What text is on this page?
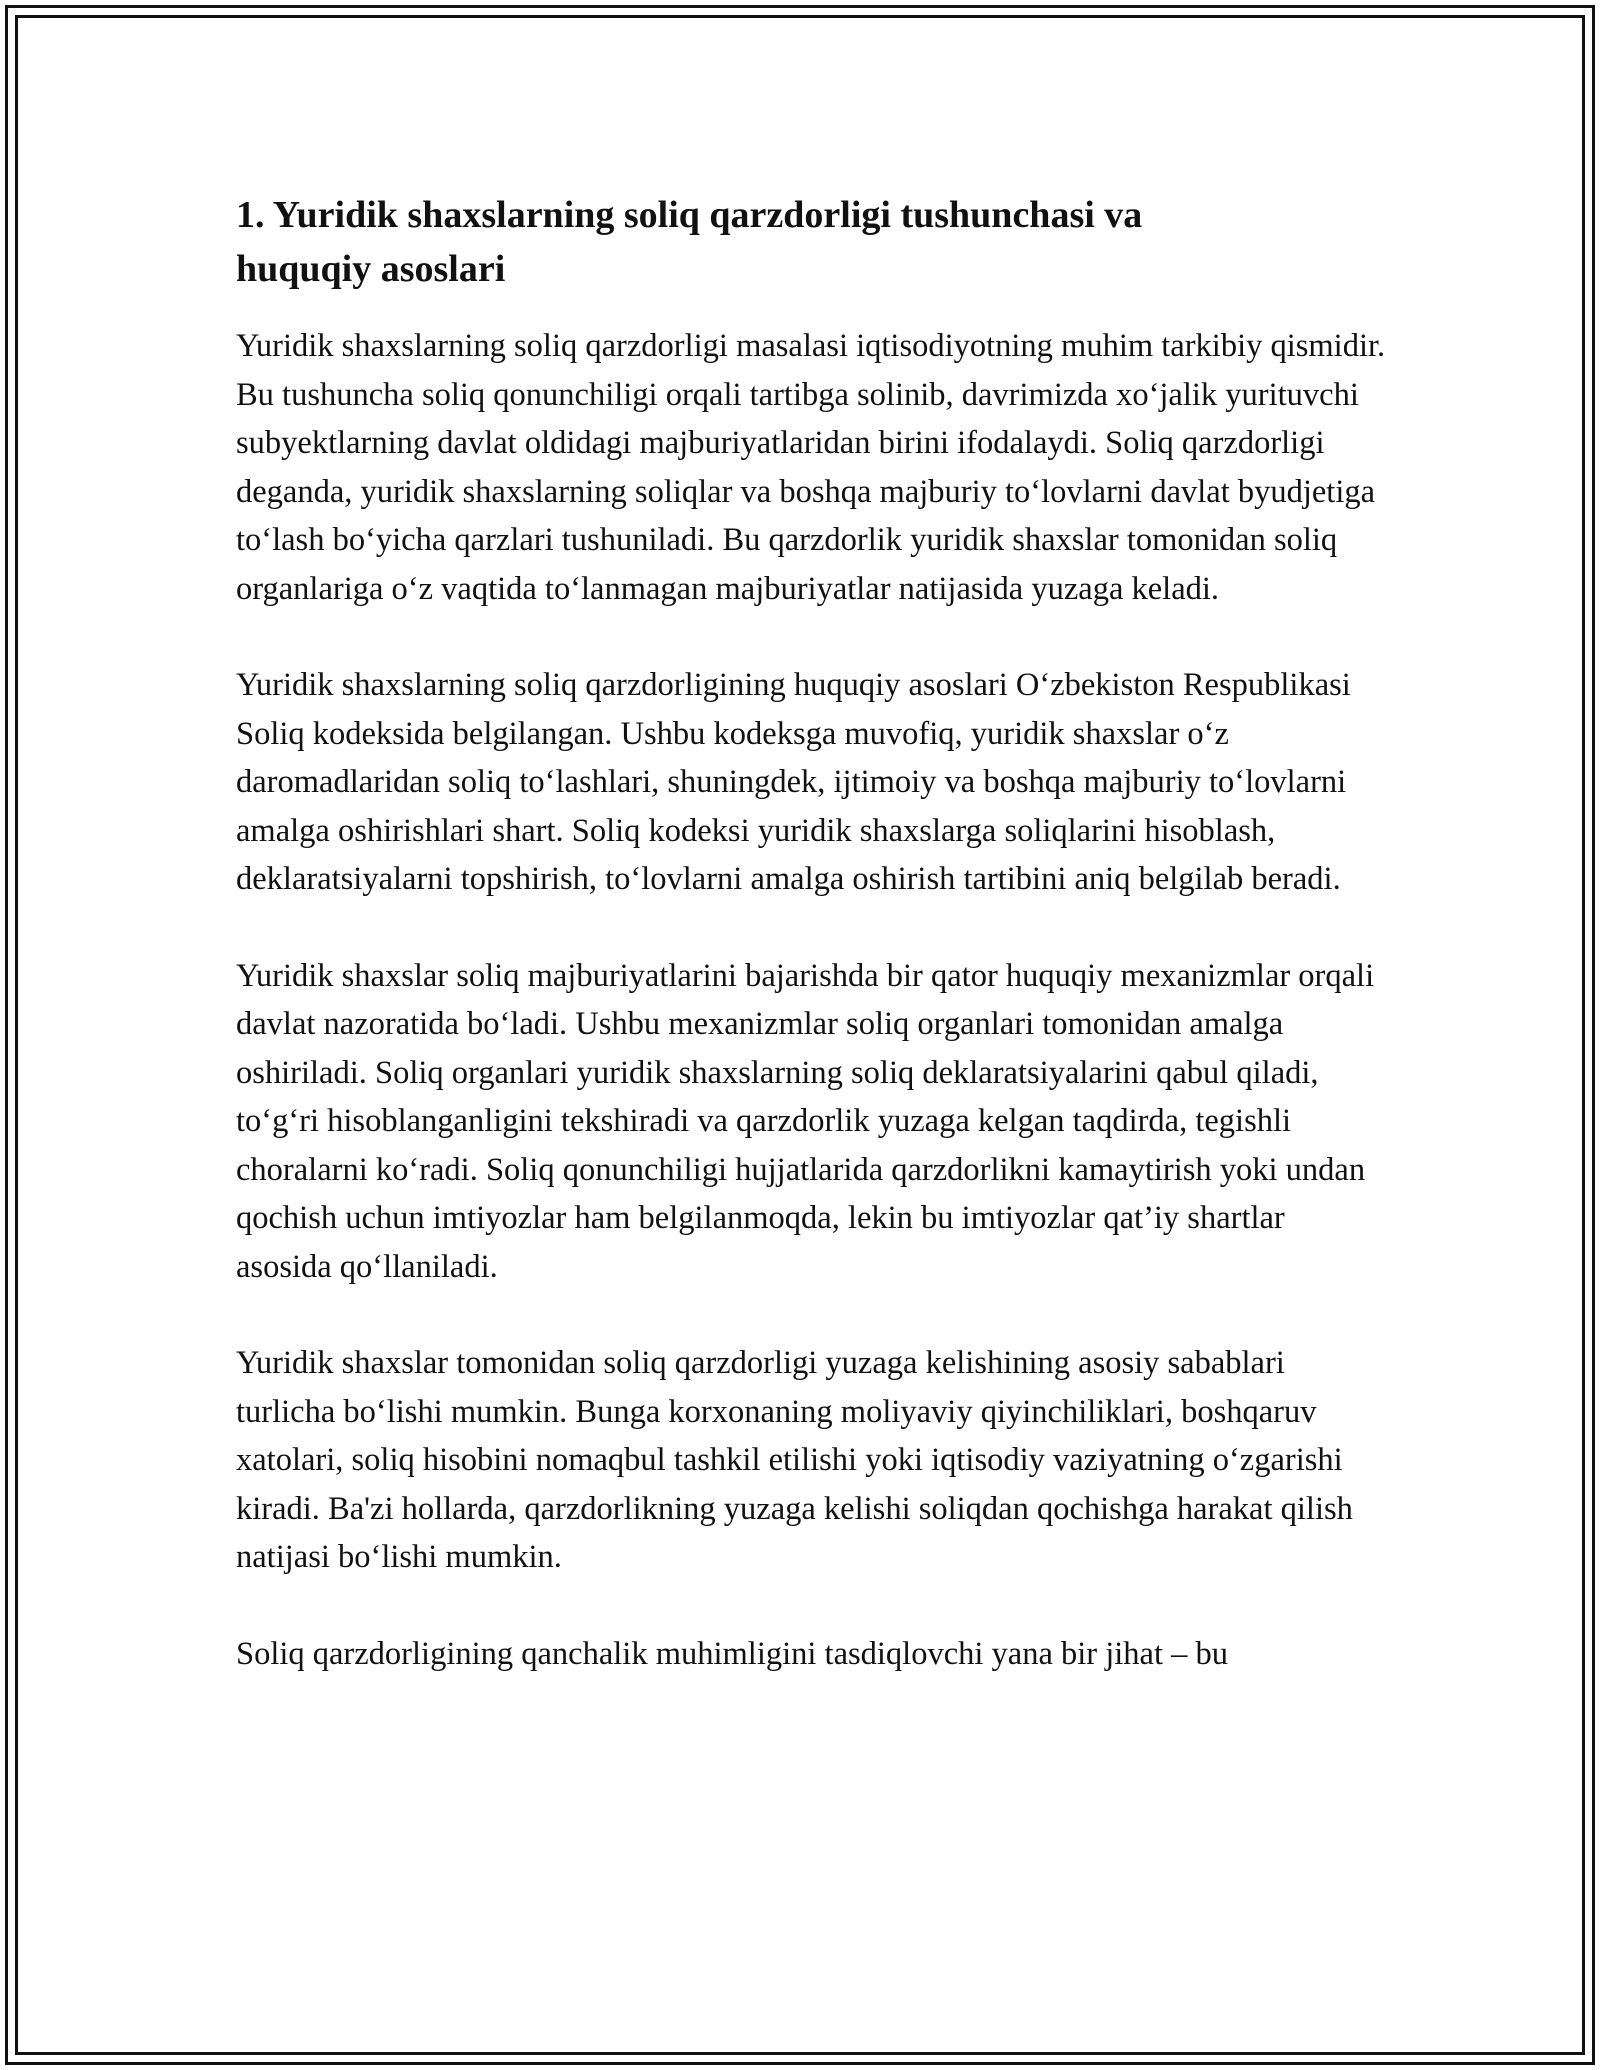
1. Yuridik shaxslarning soliq qarzdorligi tushunchasi va huquqiy asoslari

Yuridik shaxslarning soliq qarzdorligi masalasi iqtisodiyotning muhim tarkibiy qismidir. Bu tushuncha soliq qonunchiligi orqali tartibga solinib, davrimizda xo‘jalik yurituvchi subyektlarning davlat oldidagi majburiyatlaridan birini ifodalaydi. Soliq qarzdorligi deganda, yuridik shaxslarning soliqlar va boshqa majburiy to‘lovlarni davlat byudjetiga to‘lash bo‘yicha qarzlari tushuniladi. Bu qarzdorlik yuridik shaxslar tomonidan soliq organlariga o‘z vaqtida to‘lanmagan majburiyatlar natijasida yuzaga keladi.

Yuridik shaxslarning soliq qarzdorligining huquqiy asoslari O‘zbekiston Respublikasi Soliq kodeksida belgilangan. Ushbu kodeksga muvofiq, yuridik shaxslar o‘z daromadlaridan soliq to‘lashlari, shuningdek, ijtimoiy va boshqa majburiy to‘lovlarni amalga oshirishlari shart. Soliq kodeksi yuridik shaxslarga soliqlarini hisoblash, deklaratsiyalarni topshirish, to‘lovlarni amalga oshirish tartibini aniq belgilab beradi.

Yuridik shaxslar soliq majburiyatlarini bajarishda bir qator huquqiy mexanizmlar orqali davlat nazoratida bo‘ladi. Ushbu mexanizmlar soliq organlari tomonidan amalga oshiriladi. Soliq organlari yuridik shaxslarning soliq deklaratsiyalarini qabul qiladi, to‘g‘ri hisoblanganligini tekshiradi va qarzdorlik yuzaga kelgan taqdirda, tegishli choralarni ko‘radi. Soliq qonunchiligi hujjatlarida qarzdorlikni kamaytirish yoki undan qochish uchun imtiyozlar ham belgilanmoqda, lekin bu imtiyozlar qat’iy shartlar asosida qo‘llaniladi.

Yuridik shaxslar tomonidan soliq qarzdorligi yuzaga kelishining asosiy sabablari turlicha bo‘lishi mumkin. Bunga korxonaning moliyaviy qiyinchiliklari, boshqaruv xatolari, soliq hisobini nomaqbul tashkil etilishi yoki iqtisodiy vaziyatning o‘zgarishi kiradi. Ba'zi hollarda, qarzdorlikning yuzaga kelishi soliqdan qochishga harakat qilish natijasi bo‘lishi mumkin.

Soliq qarzdorligining qanchalik muhimligini tasdiqlovchi yana bir jihat – bu
